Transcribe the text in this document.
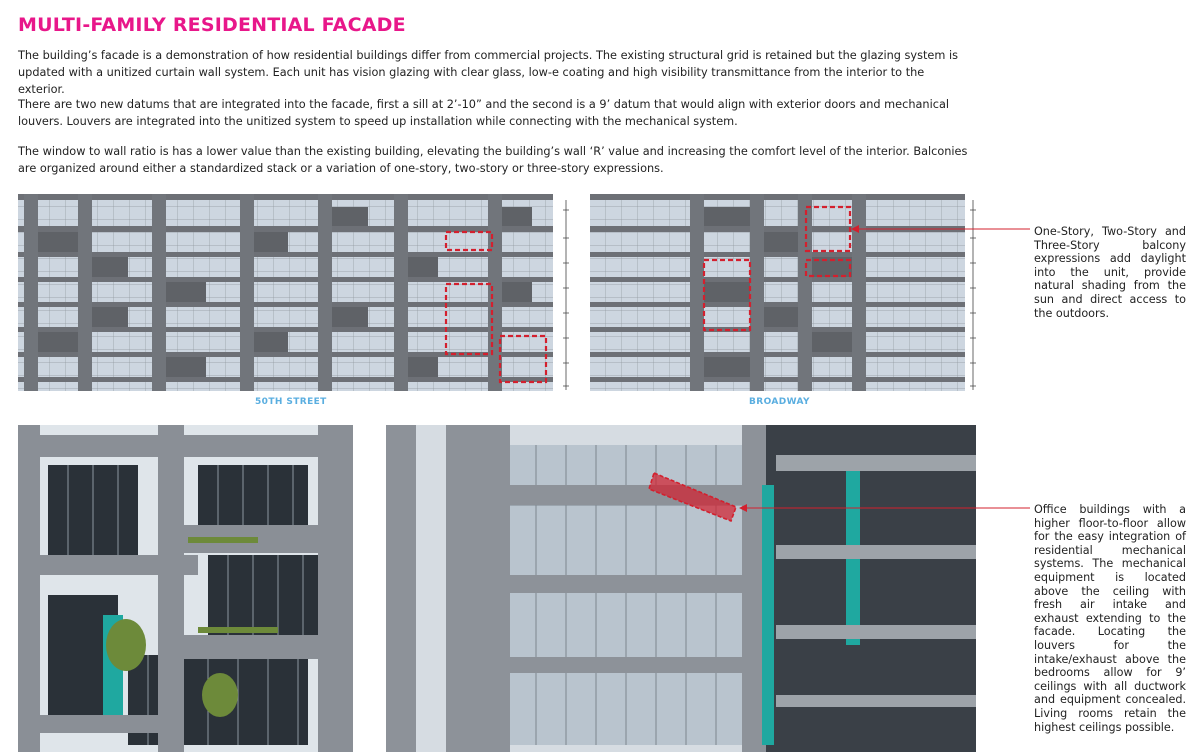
MULTI-FAMILY RESIDENTIAL FACADE

The building’s facade is a demonstration of how residential buildings differ from commercial projects. The existing structural grid is retained but the glazing system is updated with a unitized curtain wall system. Each unit has vision glazing with clear glass, low-e coating and high visibility transmittance from the interior to the exterior.

There are two new datums that are integrated into the facade, first a sill at 2’-10” and the second is a 9’ datum that would align with exterior doors and mechanical louvers. Louvers are integrated into the unitized system to speed up installation while connecting with the mechanical system.

The window to wall ratio is has a lower value than the existing building, elevating the building’s wall ‘R’ value and increasing the comfort level of the interior. Balconies are organized around either a standardized stack or a variation of one-story, two-story or three-story expressions.

50TH STREET	BROADWAY
One-Story, Two-Story and Three-Story balcony expressions add daylight into the unit, provide natural shading from the sun and direct access to the outdoors.
Office buildings with a higher floor-to-floor allow for the easy integration of residential mechanical systems. The mechanical equipment is located above the ceiling with fresh air intake and exhaust extending to the facade. Locating the louvers for the intake/exhaust above the bedrooms allow for 9’ ceilings with all ductwork and equipment concealed. Living rooms retain the highest ceilings possible.
